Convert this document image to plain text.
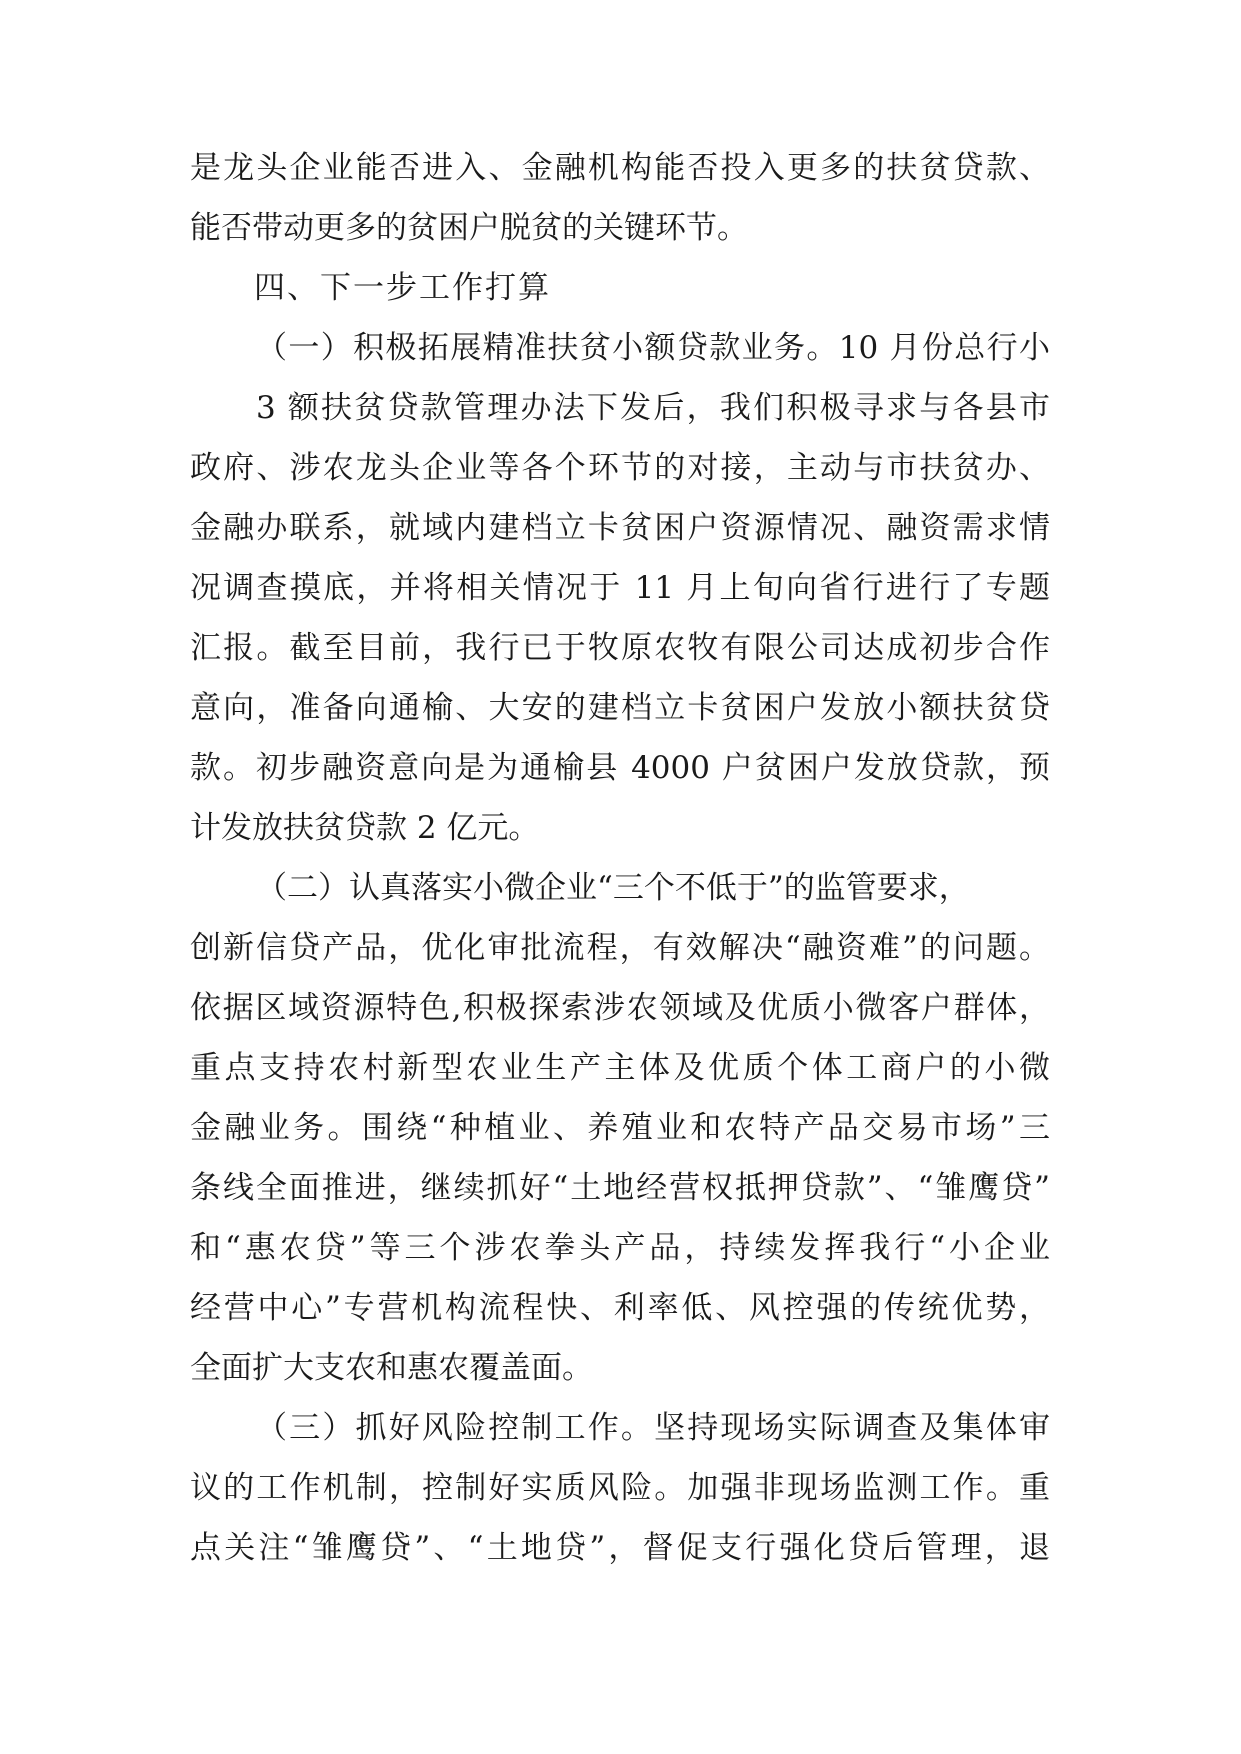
是龙头企业能否进入、金融机构能否投入更多的扶贫贷款、
能否带动更多的贫困户脱贫的关键环节。
四、下一步工作打算
（一）积极拓展精准扶贫小额贷款业务。10 月份总行小
3 额扶贫贷款管理办法下发后，我们积极寻求与各县市
政府、涉农龙头企业等各个环节的对接，主动与市扶贫办、
金融办联系，就域内建档立卡贫困户资源情况、融资需求情
况调查摸底，并将相关情况于 11 月上旬向省行进行了专题
汇报。截至目前，我行已于牧原农牧有限公司达成初步合作
意向，准备向通榆、大安的建档立卡贫困户发放小额扶贫贷
款。初步融资意向是为通榆县 4000 户贫困户发放贷款，预
计发放扶贫贷款 2 亿元。
（二）认真落实小微企业“三个不低于”的监管要求，
创新信贷产品，优化审批流程，有效解决“融资难”的问题。
依据区域资源特色,积极探索涉农领域及优质小微客户群体，
重点支持农村新型农业生产主体及优质个体工商户的小微
金融业务。围绕“种植业、养殖业和农特产品交易市场”三
条线全面推进，继续抓好“土地经营权抵押贷款”、“雏鹰贷”
和“惠农贷”等三个涉农拳头产品，持续发挥我行“小企业
经营中心”专营机构流程快、利率低、风控强的传统优势，
全面扩大支农和惠农覆盖面。
（三）抓好风险控制工作。坚持现场实际调查及集体审
议的工作机制，控制好实质风险。加强非现场监测工作。重
点关注“雏鹰贷”、“土地贷”，督促支行强化贷后管理，退
